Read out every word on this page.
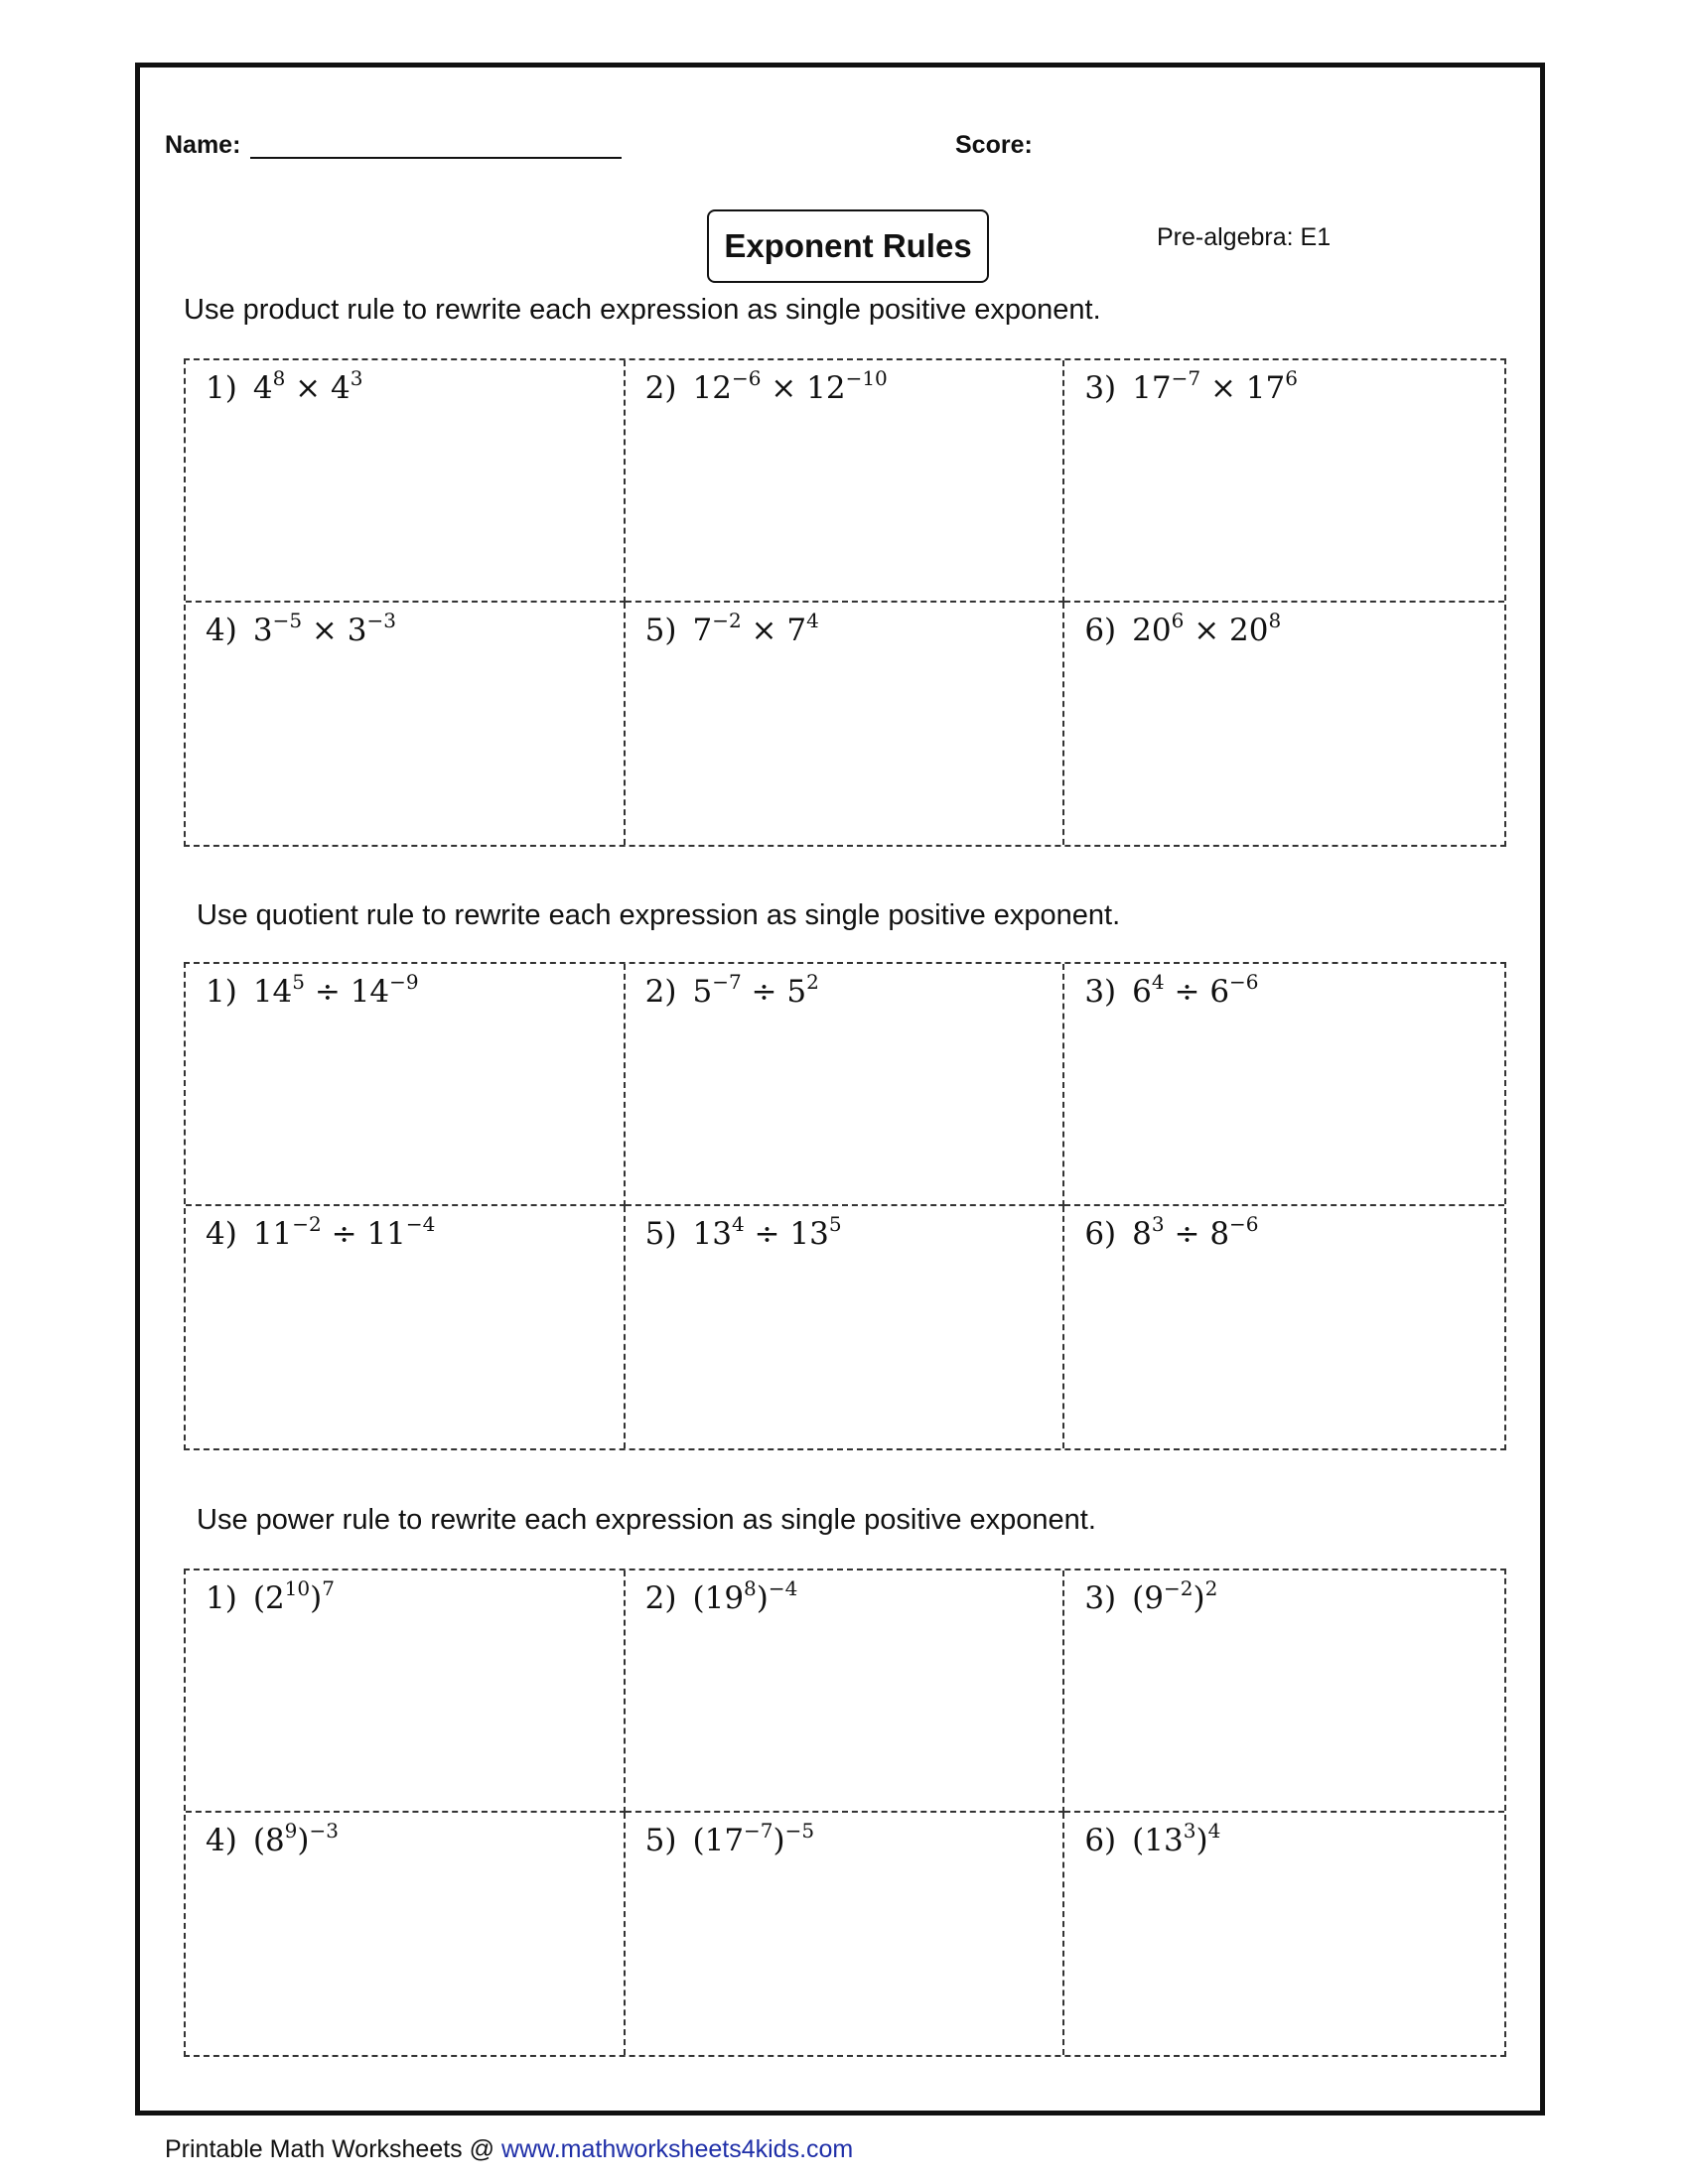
Name:	Score:
Exponent Rules	Pre-algebra: E1
Use product rule to rewrite each expression as single positive exponent.
1) $4^8 \times 4^3$	2) $12^{-6} \times 12^{-10}$	3) $17^{-7} \times 17^6$
4) $3^{-5} \times 3^{-3}$	5) $7^{-2} \times 7^4$	6) $20^6 \times 20^8$
Use quotient rule to rewrite each expression as single positive exponent.
1) $14^5 \div 14^{-9}$	2) $5^{-7} \div 5^2$	3) $6^4 \div 6^{-6}$
4) $11^{-2} \div 11^{-4}$	5) $13^4 \div 13^5$	6) $8^3 \div 8^{-6}$
Use power rule to rewrite each expression as single positive exponent.
1) $(2^{10})^7$	2) $(19^8)^{-4}$	3) $(9^{-2})^2$
4) $(8^9)^{-3}$	5) $(17^{-7})^{-5}$	6) $(13^3)^4$
Printable Math Worksheets @ www.mathworksheets4kids.com
